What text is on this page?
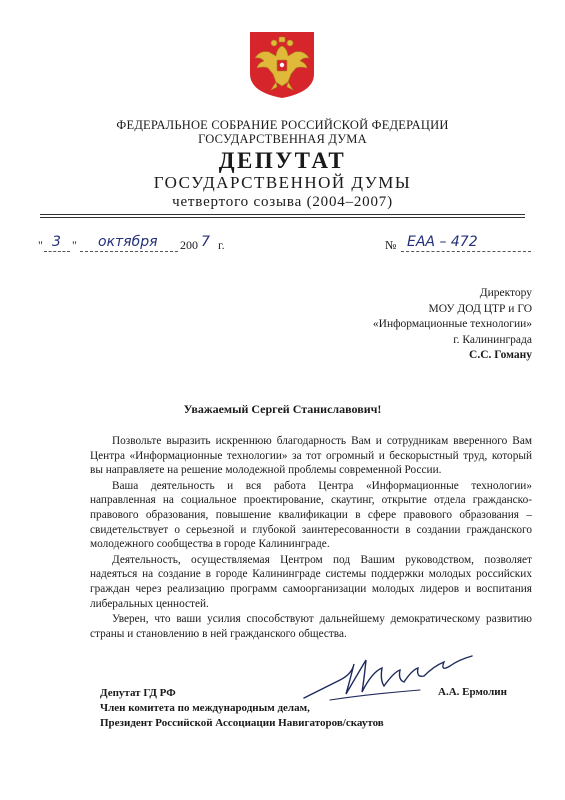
ФЕДЕРАЛЬНОЕ СОБРАНИЕ РОССИЙСКОЙ ФЕДЕРАЦИИ
ГОСУДАРСТВЕННАЯ ДУМА
ДЕПУТАТ
ГОСУДАРСТВЕННОЙ ДУМЫ
четвертого созыва (2004–2007)
" 3 " октября 200 7 г.	№ ЕАА – 472
Директору
МОУ ДОД ЦТР и ГО
«Информационные технологии»
г. Калининграда
С.С. Гоману
Уважаемый Сергей Станиславович!

Позвольте выразить искреннюю благодарность Вам и сотрудникам вверенного Вам Центра «Информационные технологии» за тот огромный и бескорыстный труд, который вы направляете на решение молодежной проблемы современной России.

Ваша деятельность и вся работа Центра «Информационные технологии» направленная на социальное проектирование, скаутинг, открытие отдела гражданско-правового образования, повышение квалификации в сфере правового образования – свидетельствует о серьезной и глубокой заинтересованности в создании гражданского молодежного сообщества в городе Калининграде.

Деятельность, осуществляемая Центром под Вашим руководством, позволяет надеяться на создание в городе Калининграде системы поддержки молодых российских граждан через реализацию программ самоорганизации молодых лидеров и воспитания либеральных ценностей.

Уверен, что ваши усилия способствуют дальнейшему демократическому развитию страны и становлению в ней гражданского общества.

Депутат ГД РФ
Член комитета по международным делам,
Президент Российской Ассоциации Навигаторов/скаутов
А.А. Ермолин
